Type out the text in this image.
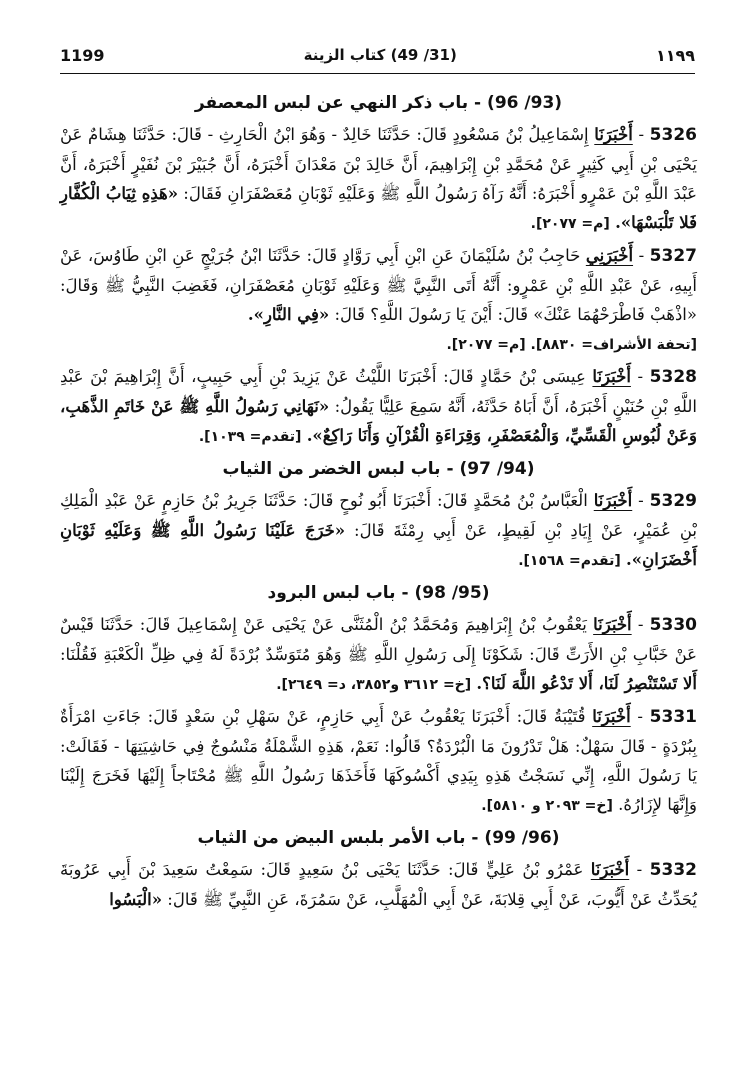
1199	(31/ 49) كتاب الزينة	١١٩٩
(93/ 96) - باب ذكر النهي عن لبس المعصفر

5326 - أَخْبَرَنَا إِسْمَاعِيلُ بْنُ مَسْعُودٍ قَالَ: حَدَّثَنَا خَالِدٌ - وَهُوَ ابْنُ الْحَارِثِ - قَالَ: حَدَّثَنَا هِشَامٌ عَنْ يَحْيَى بْنِ أَبِي كَثِيرٍ عَنْ مُحَمَّدِ بْنِ إِبْرَاهِيمَ، أَنَّ خَالِدَ بْنَ مَعْدَانَ أَخْبَرَهُ، أَنَّ جُبَيْرَ بْنَ نُفَيْرٍ أَخْبَرَهُ، أَنَّ عَبْدَ اللَّهِ بْنَ عَمْرٍو أَخْبَرَهُ: أَنَّهُ رَآهُ رَسُولُ اللَّهِ ﷺ وَعَلَيْهِ ثَوْبَانِ مُعَصْفَرَانِ فَقَالَ: «هَذِهِ ثِيَابُ الْكُفَّارِ فَلا تَلْبَسْهَا». [م= ٢٠٧٧].

5327 - أَخْبَرَنِي حَاجِبُ بْنُ سُلَيْمَانَ عَنِ ابْنِ أَبِي رَوَّادٍ قَالَ: حَدَّثَنَا ابْنُ جُرَيْجٍ عَنِ ابْنِ طَاوُسَ، عَنْ أَبِيهِ، عَنْ عَبْدِ اللَّهِ بْنِ عَمْرٍو: أَنَّهُ أَتَى النَّبِيَّ ﷺ وَعَلَيْهِ ثَوْبَانِ مُعَصْفَرَانِ، فَغَضِبَ النَّبِيُّ ﷺ وَقَالَ: «اذْهَبْ فَاطْرَحْهُمَا عَنْكَ» قَالَ: أَيْنَ يَا رَسُولَ اللَّهِ؟ قَالَ: «فِي النَّارِ».
[تحفة الأشراف= ٨٨٣٠]. [م= ٢٠٧٧].

5328 - أَخْبَرَنَا عِيسَى بْنُ حَمَّادٍ قَالَ: أَخْبَرَنَا اللَّيْثُ عَنْ يَزِيدَ بْنِ أَبِي حَبِيبٍ، أَنَّ إِبْرَاهِيمَ بْنَ عَبْدِ اللَّهِ بْنِ حُنَيْنٍ أَخْبَرَهُ، أَنَّ أَبَاهُ حَدَّثَهُ، أَنَّهُ سَمِعَ عَلِيًّا يَقُولُ: «نَهَانِي رَسُولُ اللَّهِ ﷺ عَنْ خَاتَمِ الذَّهَبِ، وَعَنْ لُبُوسِ الْقَسِّيِّ، وَالْمُعَصْفَرِ، وَقِرَاءَةِ الْقُرْآنِ وَأَنَا رَاكِعٌ». [تقدم= ١٠٣٩].

(94/ 97) - باب لبس الخضر من الثياب

5329 - أَخْبَرَنَا الْعَبَّاسُ بْنُ مُحَمَّدٍ قَالَ: أَخْبَرَنَا أَبُو نُوحٍ قَالَ: حَدَّثَنَا جَرِيرُ بْنُ حَازِمٍ عَنْ عَبْدِ الْمَلِكِ بْنِ عُمَيْرٍ، عَنْ إِيَادِ بْنِ لَقِيطٍ، عَنْ أَبِي رِمْثَةَ قَالَ: «خَرَجَ عَلَيْنَا رَسُولُ اللَّهِ ﷺ وَعَلَيْهِ ثَوْبَانِ أَخْضَرَانِ». [تقدم= ١٥٦٨].

(95/ 98) - باب لبس البرود

5330 - أَخْبَرَنَا يَعْقُوبُ بْنُ إِبْرَاهِيمَ وَمُحَمَّدُ بْنُ الْمُثَنَّى عَنْ يَحْيَى عَنْ إِسْمَاعِيلَ قَالَ: حَدَّثَنَا قَيْسٌ عَنْ خَبَّابِ بْنِ الأَرَتِّ قَالَ: شَكَوْنَا إِلَى رَسُولِ اللَّهِ ﷺ وَهُوَ مُتَوَسِّدٌ بُرْدَةً لَهُ فِي ظِلِّ الْكَعْبَةِ فَقُلْنَا: أَلا تَسْتَنْصِرُ لَنَا، أَلا تَدْعُو اللَّهَ لَنَا؟. [خ= ٣٦١٢ و٣٨٥٢، د= ٢٦٤٩].

5331 - أَخْبَرَنَا قُتَيْبَةُ قَالَ: أَخْبَرَنَا يَعْقُوبُ عَنْ أَبِي حَازِمٍ، عَنْ سَهْلِ بْنِ سَعْدٍ قَالَ: جَاءَتِ امْرَأَةٌ بِبُرْدَةٍ - قَالَ سَهْلٌ: هَلْ تَدْرُونَ مَا الْبُرْدَةُ؟ قَالُوا: نَعَمْ، هَذِهِ الشَّمْلَةُ مَنْسُوجٌ فِي حَاشِيَتِهَا - فَقَالَتْ: يَا رَسُولَ اللَّهِ، إِنِّي نَسَجْتُ هَذِهِ بِيَدِي أَكْسُوكَهَا فَأَخَذَهَا رَسُولُ اللَّهِ ﷺ مُحْتَاجاً إِلَيْهَا فَخَرَجَ إِلَيْنَا وَإِنَّهَا لإِزَارُهُ. [خ= ٢٠٩٣ و ٥٨١٠].

(96/ 99) - باب الأمر بلبس البيض من الثياب

5332 - أَخْبَرَنَا عَمْرُو بْنُ عَلِيٍّ قَالَ: حَدَّثَنَا يَحْيَى بْنُ سَعِيدٍ قَالَ: سَمِعْتُ سَعِيدَ بْنَ أَبِي عَرُوبَةَ يُحَدِّثُ عَنْ أَيُّوبَ، عَنْ أَبِي قِلابَةَ، عَنْ أَبِي الْمُهَلَّبِ، عَنْ سَمُرَةَ، عَنِ النَّبِيِّ ﷺ قَالَ: «الْبَسُوا
